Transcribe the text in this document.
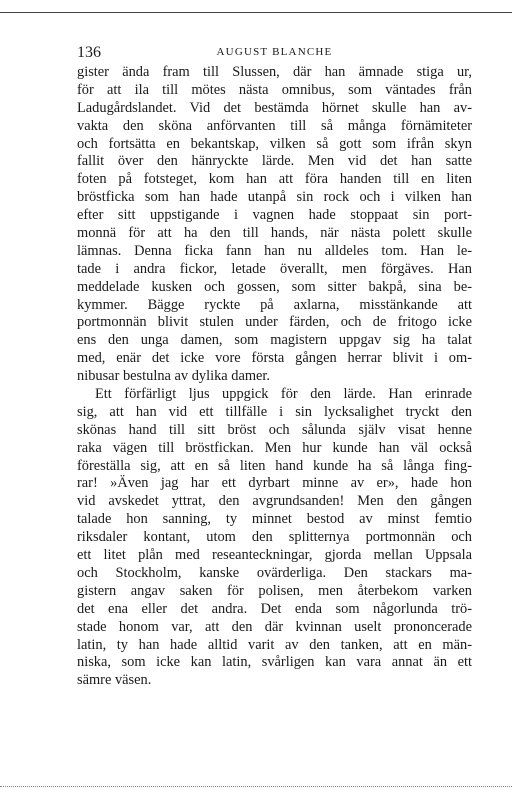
136	AUGUST BLANCHE
gister ända fram till Slussen, där han ämnade stiga ur,
för att ila till mötes nästa omnibus, som väntades från
Ladugårdslandet. Vid det bestämda hörnet skulle han av-
vakta den sköna anförvanten till så många förnämiteter
och fortsätta en bekantskap, vilken så gott som ifrån skyn
fallit över den hänryckte lärde. Men vid det han satte
foten på fotsteget, kom han att föra handen till en liten
bröstficka som han hade utanpå sin rock och i vilken han
efter sitt uppstigande i vagnen hade stoppaat sin port-
monnä för att ha den till hands, när nästa polett skulle
lämnas. Denna ficka fann han nu alldeles tom. Han le-
tade i andra fickor, letade överallt, men förgäves. Han
meddelade kusken och gossen, som sitter bakpå, sina be-
kymmer. Bägge ryckte på axlarna, misstänkande att
portmonnän blivit stulen under färden, och de fritogo icke
ens den unga damen, som magistern uppgav sig ha talat
med, enär det icke vore första gången herrar blivit i om-
nibusar bestulna av dylika damer.
Ett förfärligt ljus uppgick för den lärde. Han erinrade
sig, att han vid ett tillfälle i sin lycksalighet tryckt den
skönas hand till sitt bröst och sålunda själv visat henne
raka vägen till bröstfickan. Men hur kunde han väl också
föreställa sig, att en så liten hand kunde ha så långa fing-
rar! »Även jag har ett dyrbart minne av er», hade hon
vid avskedet yttrat, den avgrundsanden! Men den gången
talade hon sanning, ty minnet bestod av minst femtio
riksdaler kontant, utom den splitternya portmonnän och
ett litet plån med reseanteckningar, gjorda mellan Uppsala
och Stockholm, kanske ovärderliga. Den stackars ma-
gistern angav saken för polisen, men återbekom varken
det ena eller det andra. Det enda som någorlunda trö-
stade honom var, att den där kvinnan uselt prononcerade
latin, ty han hade alltid varit av den tanken, att en män-
niska, som icke kan latin, svårligen kan vara annat än ett
sämre väsen.
